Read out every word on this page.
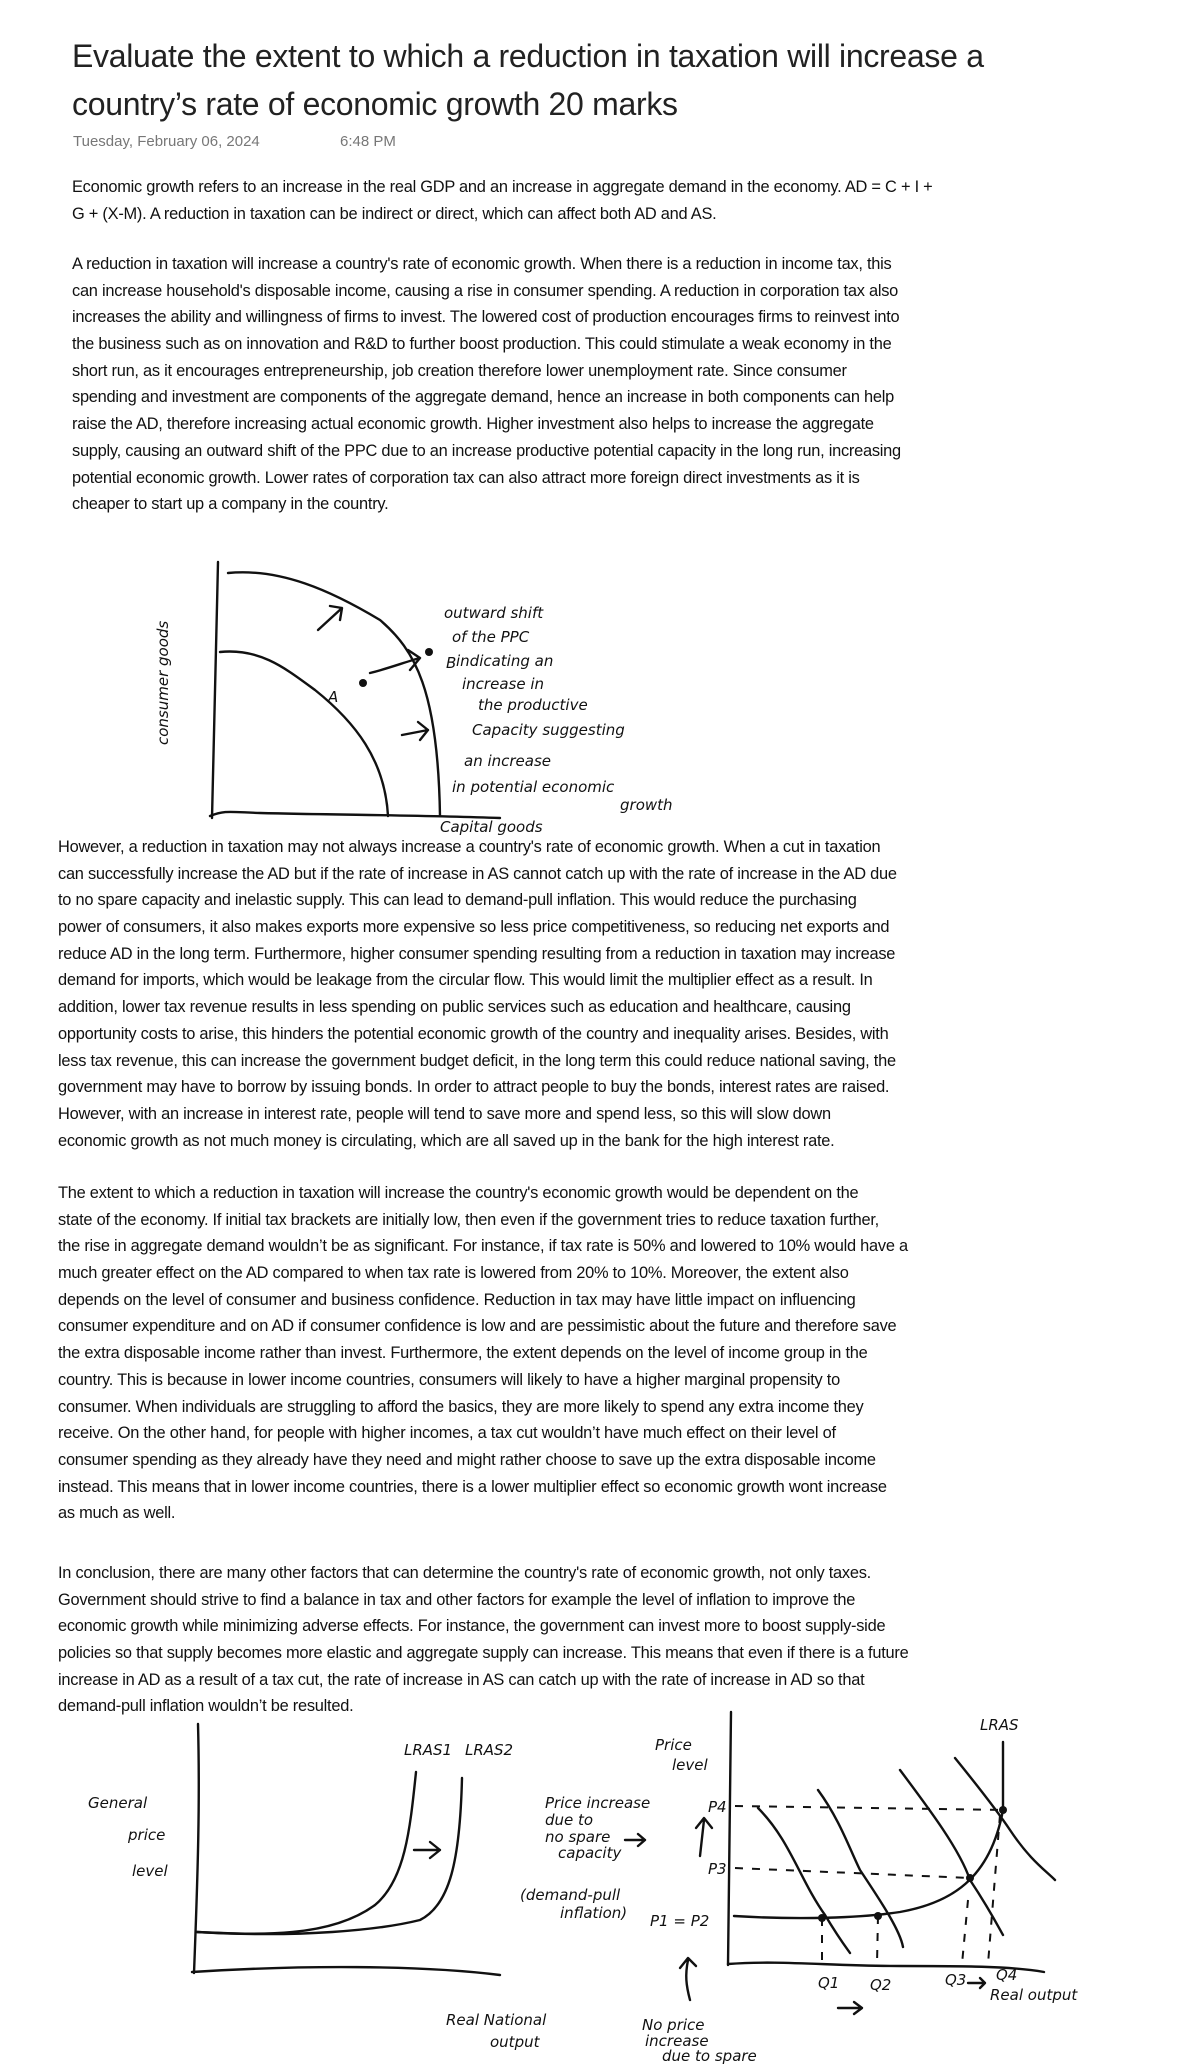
Evaluate the extent to which a reduction in taxation will increase a
country’s rate of economic growth 20 marks
Tuesday, February 06, 2024	6:48 PM
Economic growth refers to an increase in the real GDP and an increase in aggregate demand in the economy. AD = C + I +
G + (X-M). A reduction in taxation can be indirect or direct, which can affect both AD and AS.
A reduction in taxation will increase a country's rate of economic growth. When there is a reduction in income tax, this
can increase household's disposable income, causing a rise in consumer spending. A reduction in corporation tax also
increases the ability and willingness of firms to invest. The lowered cost of production encourages firms to reinvest into
the business such as on innovation and R&D to further boost production. This could stimulate a weak economy in the
short run, as it encourages entrepreneurship, job creation therefore lower unemployment rate. Since consumer
spending and investment are components of the aggregate demand, hence an increase in both components can help
raise the AD, therefore increasing actual economic growth. Higher investment also helps to increase the aggregate
supply, causing an outward shift of the PPC due to an increase productive potential capacity in the long run, increasing
potential economic growth. Lower rates of corporation tax can also attract more foreign direct investments as it is
cheaper to start up a company in the country.
However, a reduction in taxation may not always increase a country's rate of economic growth. When a cut in taxation
can successfully increase the AD but if the rate of increase in AS cannot catch up with the rate of increase in the AD due
to no spare capacity and inelastic supply. This can lead to demand-pull inflation. This would reduce the purchasing
power of consumers, it also makes exports more expensive so less price competitiveness, so reducing net exports and
reduce AD in the long term. Furthermore, higher consumer spending resulting from a reduction in taxation may increase
demand for imports, which would be leakage from the circular flow. This would limit the multiplier effect as a result. In
addition, lower tax revenue results in less spending on public services such as education and healthcare, causing
opportunity costs to arise, this hinders the potential economic growth of the country and inequality arises. Besides, with
less tax revenue, this can increase the government budget deficit, in the long term this could reduce national saving, the
government may have to borrow by issuing bonds. In order to attract people to buy the bonds, interest rates are raised.
However, with an increase in interest rate, people will tend to save more and spend less, so this will slow down
economic growth as not much money is circulating, which are all saved up in the bank for the high interest rate.
The extent to which a reduction in taxation will increase the country's economic growth would be dependent on the
state of the economy. If initial tax brackets are initially low, then even if the government tries to reduce taxation further,
the rise in aggregate demand wouldn’t be as significant. For instance, if tax rate is 50% and lowered to 10% would have a
much greater effect on the AD compared to when tax rate is lowered from 20% to 10%. Moreover, the extent also
depends on the level of consumer and business confidence. Reduction in tax may have little impact on influencing
consumer expenditure and on AD if consumer confidence is low and are pessimistic about the future and therefore save
the extra disposable income rather than invest. Furthermore, the extent depends on the level of income group in the
country. This is because in lower income countries, consumers will likely to have a higher marginal propensity to
consumer. When individuals are struggling to afford the basics, they are more likely to spend any extra income they
receive. On the other hand, for people with higher incomes, a tax cut wouldn’t have much effect on their level of
consumer spending as they already have they need and might rather choose to save up the extra disposable income
instead. This means that in lower income countries, there is a lower multiplier effect so economic growth wont increase
as much as well.
In conclusion, there are many other factors that can determine the country's rate of economic growth, not only taxes.
Government should strive to find a balance in tax and other factors for example the level of inflation to improve the
economic growth while minimizing adverse effects. For instance, the government can invest more to boost supply-side
policies so that supply becomes more elastic and aggregate supply can increase. This means that even if there is a future
increase in AD as a result of a tax cut, the rate of increase in AS can catch up with the rate of increase in AD so that
demand-pull inflation wouldn’t be resulted.
consumer goods
Capital goods
A
B
outward shift
of the PPC
indicating an
increase in
the productive
Capacity suggesting
an increase
in potential economic
growth
LRAS1 LRAS2
General
price
level
Real National
output
Price increase
due to
no spare
capacity
(demand-pull
inflation)
No price
increase
due to spare
Price
level
LRAS
P4
P3
P1 = P2
Q1 Q2	Q3 Q4
Real output
